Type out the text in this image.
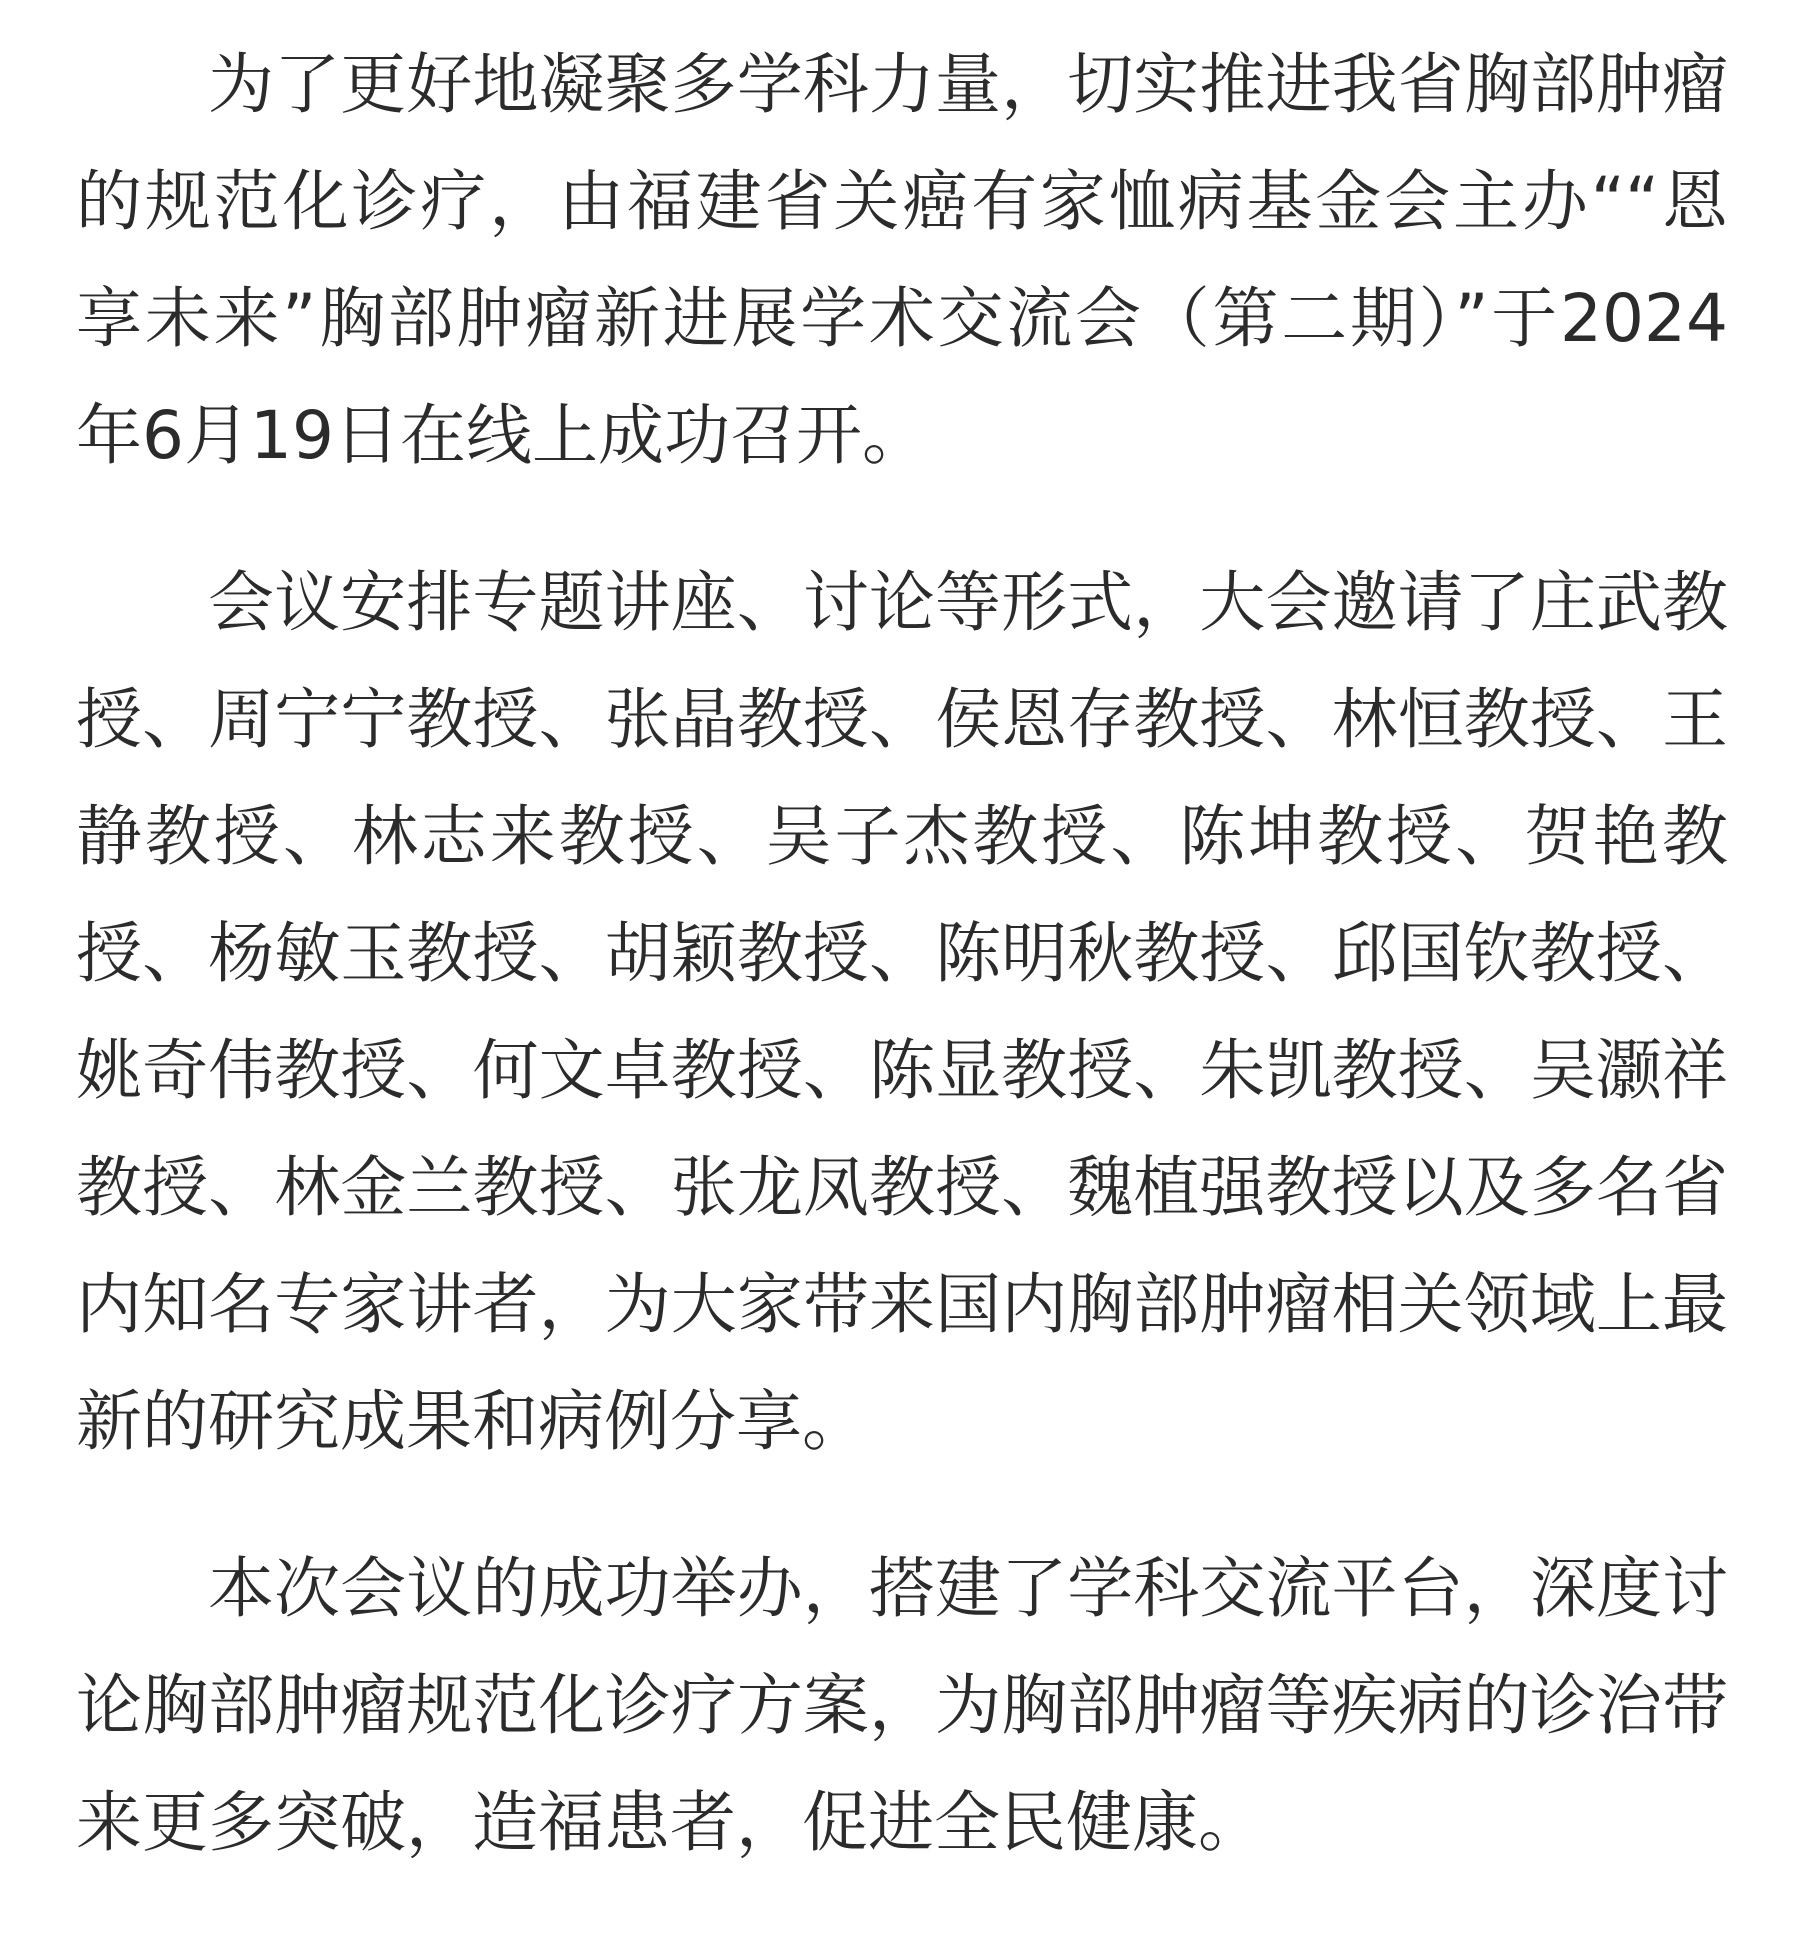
为了更好地凝聚多学科力量，切实推进我省胸部肿瘤的规范化诊疗，由福建省关癌有家恤病基金会主办““恩享未来”胸部肿瘤新进展学术交流会（第二期）”于2024年6月19日在线上成功召开。

会议安排专题讲座、讨论等形式，大会邀请了庄武教授、周宁宁教授、张晶教授、侯恩存教授、林恒教授、王静教授、林志来教授、吴子杰教授、陈坤教授、贺艳教授、杨敏玉教授、胡颖教授、陈明秋教授、邱国钦教授、姚奇伟教授、何文卓教授、陈显教授、朱凯教授、吴灏祥教授、林金兰教授、张龙凤教授、魏植强教授以及多名省内知名专家讲者，为大家带来国内胸部肿瘤相关领域上最新的研究成果和病例分享。

本次会议的成功举办，搭建了学科交流平台，深度讨论胸部肿瘤规范化诊疗方案，为胸部肿瘤等疾病的诊治带来更多突破，造福患者，促进全民健康。
